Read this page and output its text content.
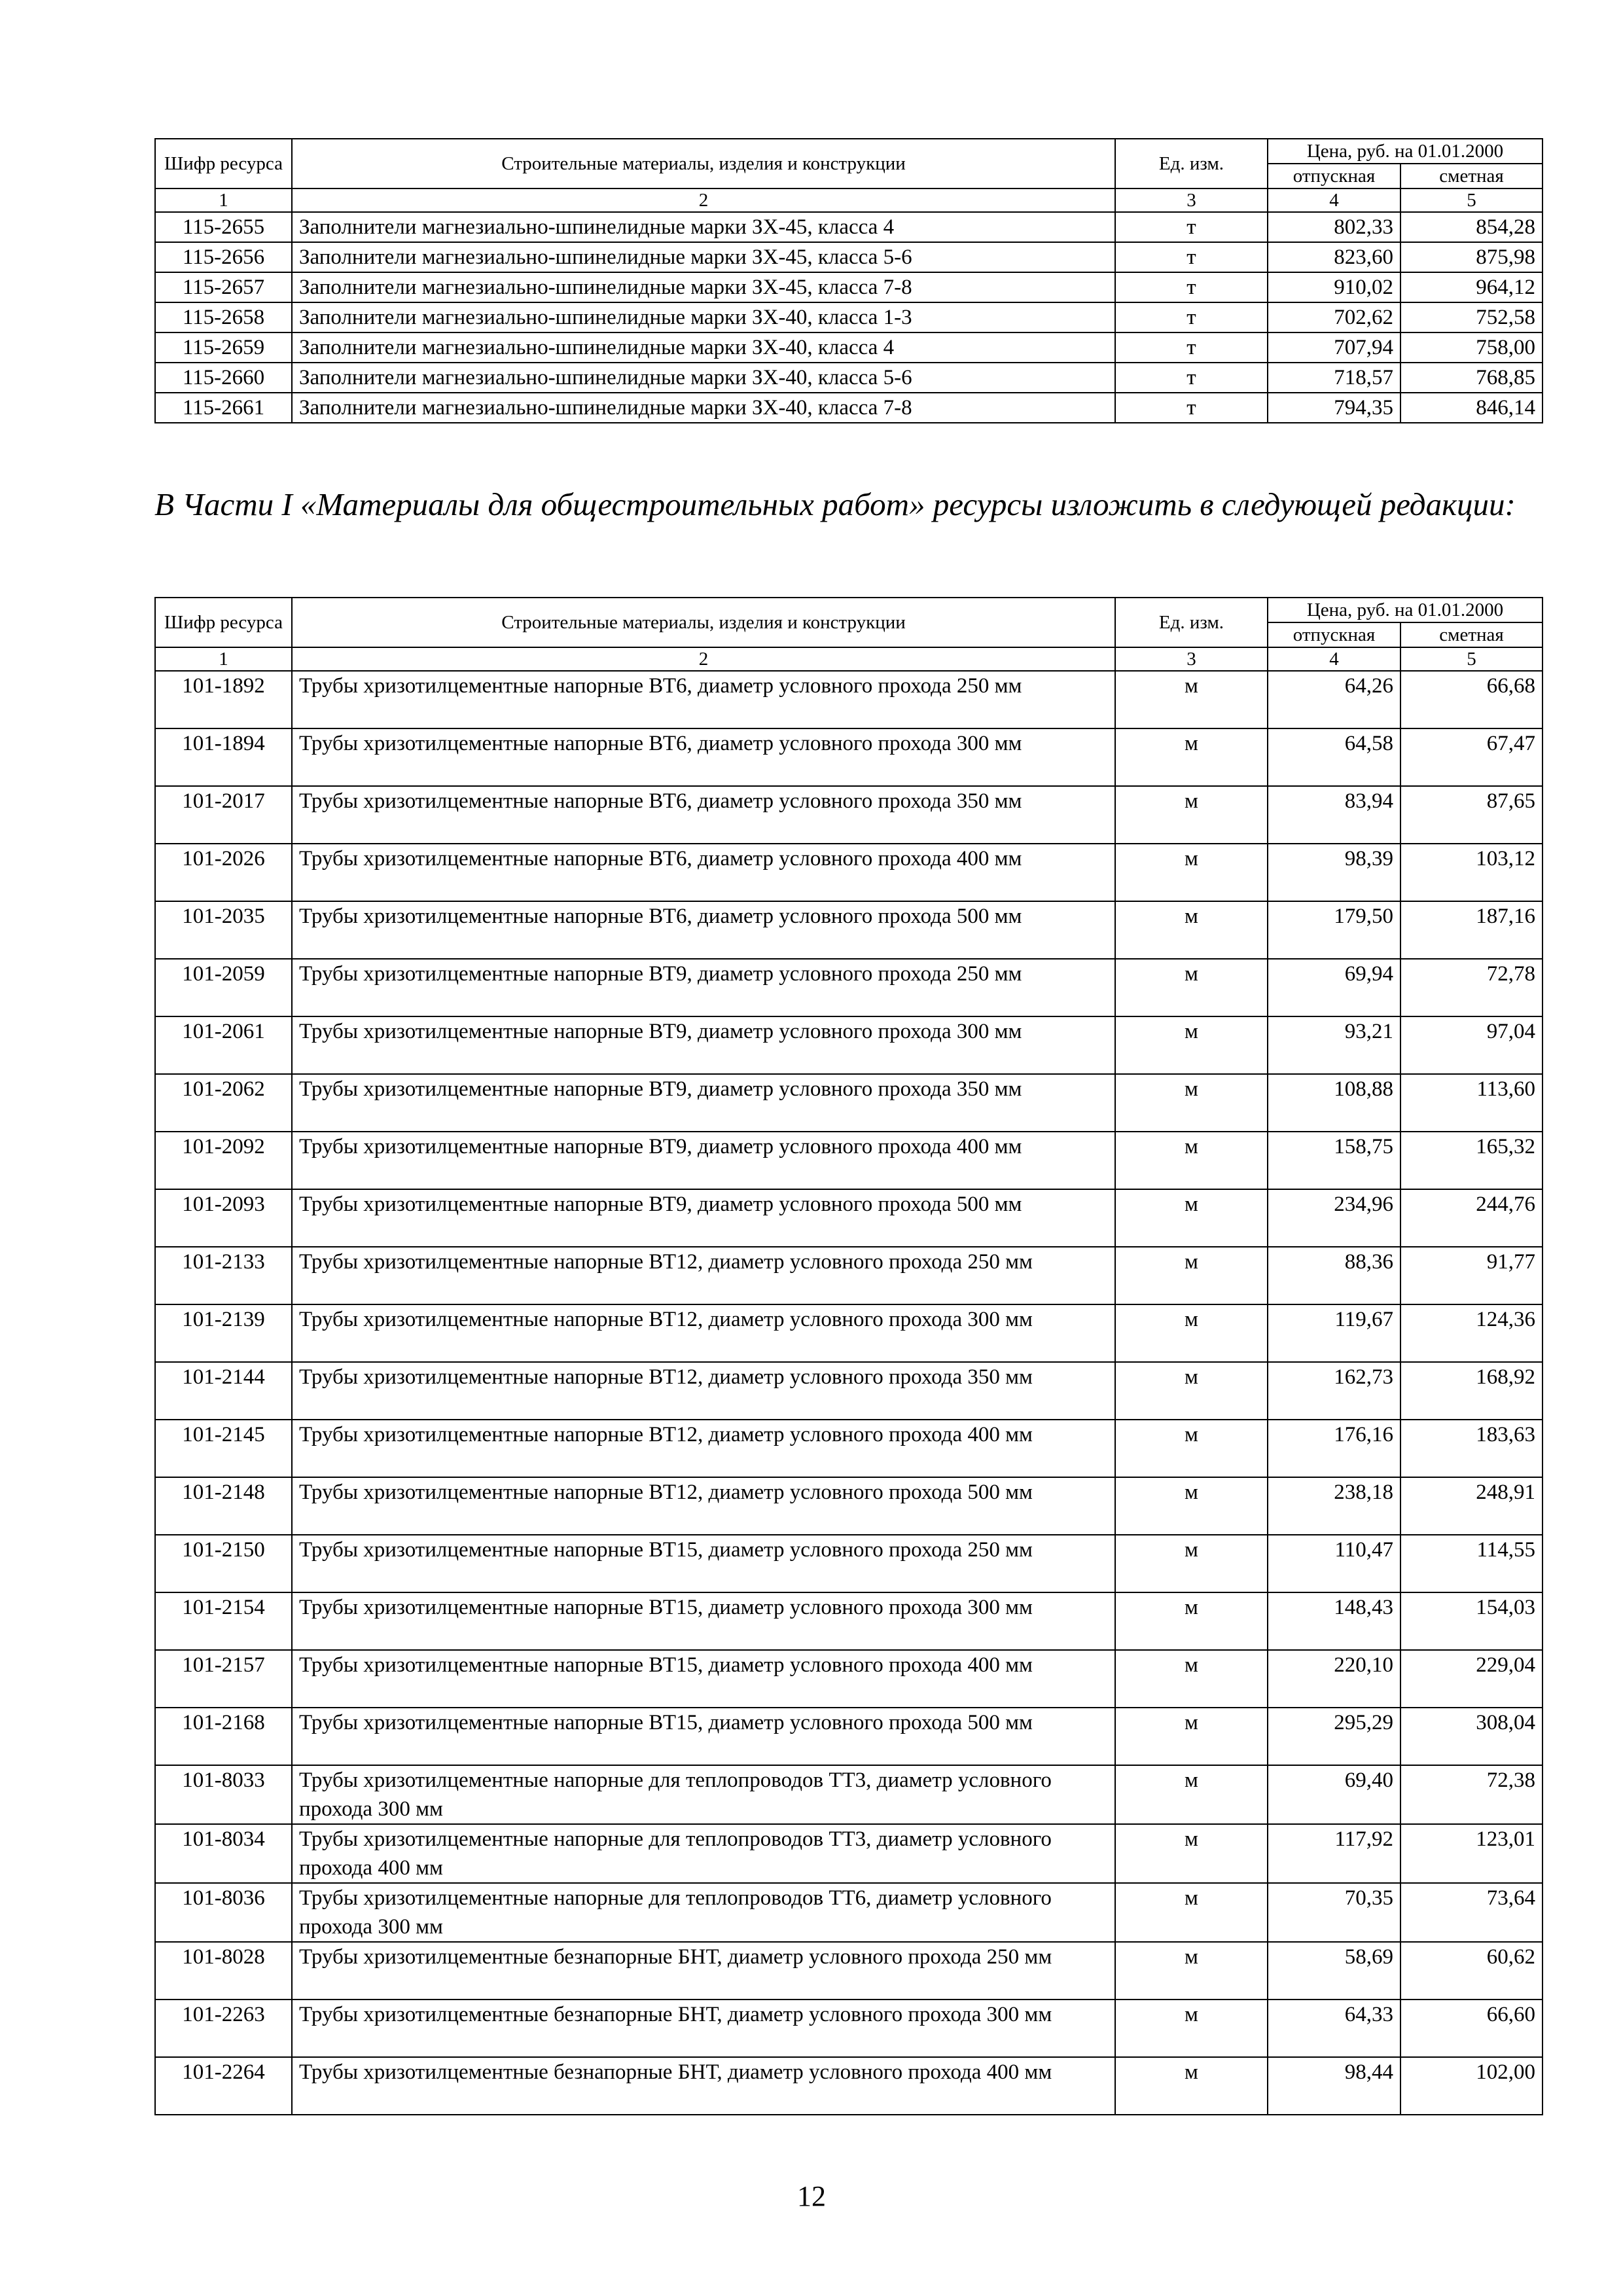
Шифр ресурса	Строительные материалы, изделия и конструкции	Ед. изм.	Цена, руб. на 01.01.2000	
			отпускная	сметная
1	2	3	4	5
115-2655	Заполнители магнезиально-шпинелидные марки ЗХ-45, класса 4	т	802,33	854,28
115-2656	Заполнители магнезиально-шпинелидные марки ЗХ-45, класса 5-6	т	823,60	875,98
115-2657	Заполнители магнезиально-шпинелидные марки ЗХ-45, класса 7-8	т	910,02	964,12
115-2658	Заполнители магнезиально-шпинелидные марки ЗХ-40, класса 1-3	т	702,62	752,58
115-2659	Заполнители магнезиально-шпинелидные марки ЗХ-40, класса 4	т	707,94	758,00
115-2660	Заполнители магнезиально-шпинелидные марки ЗХ-40, класса 5-6	т	718,57	768,85
115-2661	Заполнители магнезиально-шпинелидные марки ЗХ-40, класса 7-8	т	794,35	846,14

В Части I «Материалы для общестроительных работ» ресурсы изложить в следующей редакции:

Шифр ресурса	Строительные материалы, изделия и конструкции	Ед. изм.	Цена, руб. на 01.01.2000	
			отпускная	сметная
1	2	3	4	5
101-1892	Трубы хризотилцементные напорные ВТ6, диаметр условного прохода 250 мм	м	64,26	66,68
101-1894	Трубы хризотилцементные напорные ВТ6, диаметр условного прохода 300 мм	м	64,58	67,47
101-2017	Трубы хризотилцементные напорные ВТ6, диаметр условного прохода 350 мм	м	83,94	87,65
101-2026	Трубы хризотилцементные напорные ВТ6, диаметр условного прохода 400 мм	м	98,39	103,12
101-2035	Трубы хризотилцементные напорные ВТ6, диаметр условного прохода 500 мм	м	179,50	187,16
101-2059	Трубы хризотилцементные напорные ВТ9, диаметр условного прохода 250 мм	м	69,94	72,78
101-2061	Трубы хризотилцементные напорные ВТ9, диаметр условного прохода 300 мм	м	93,21	97,04
101-2062	Трубы хризотилцементные напорные ВТ9, диаметр условного прохода 350 мм	м	108,88	113,60
101-2092	Трубы хризотилцементные напорные ВТ9, диаметр условного прохода 400 мм	м	158,75	165,32
101-2093	Трубы хризотилцементные напорные ВТ9, диаметр условного прохода 500 мм	м	234,96	244,76
101-2133	Трубы хризотилцементные напорные ВТ12, диаметр условного прохода 250 мм	м	88,36	91,77
101-2139	Трубы хризотилцементные напорные ВТ12, диаметр условного прохода 300 мм	м	119,67	124,36
101-2144	Трубы хризотилцементные напорные ВТ12, диаметр условного прохода 350 мм	м	162,73	168,92
101-2145	Трубы хризотилцементные напорные ВТ12, диаметр условного прохода 400 мм	м	176,16	183,63
101-2148	Трубы хризотилцементные напорные ВТ12, диаметр условного прохода 500 мм	м	238,18	248,91
101-2150	Трубы хризотилцементные напорные ВТ15, диаметр условного прохода 250 мм	м	110,47	114,55
101-2154	Трубы хризотилцементные напорные ВТ15, диаметр условного прохода 300 мм	м	148,43	154,03
101-2157	Трубы хризотилцементные напорные ВТ15, диаметр условного прохода 400 мм	м	220,10	229,04
101-2168	Трубы хризотилцементные напорные ВТ15, диаметр условного прохода 500 мм	м	295,29	308,04
101-8033	Трубы хризотилцементные напорные для теплопроводов ТТ3, диаметр условного прохода 300 мм	м	69,40	72,38
101-8034	Трубы хризотилцементные напорные для теплопроводов ТТ3, диаметр условного прохода 400 мм	м	117,92	123,01
101-8036	Трубы хризотилцементные напорные для теплопроводов ТТ6, диаметр условного прохода 300 мм	м	70,35	73,64
101-8028	Трубы хризотилцементные безнапорные БНТ, диаметр условного прохода 250 мм	м	58,69	60,62
101-2263	Трубы хризотилцементные безнапорные БНТ, диаметр условного прохода 300 мм	м	64,33	66,60
101-2264	Трубы хризотилцементные безнапорные БНТ, диаметр условного прохода 400 мм	м	98,44	102,00
12
